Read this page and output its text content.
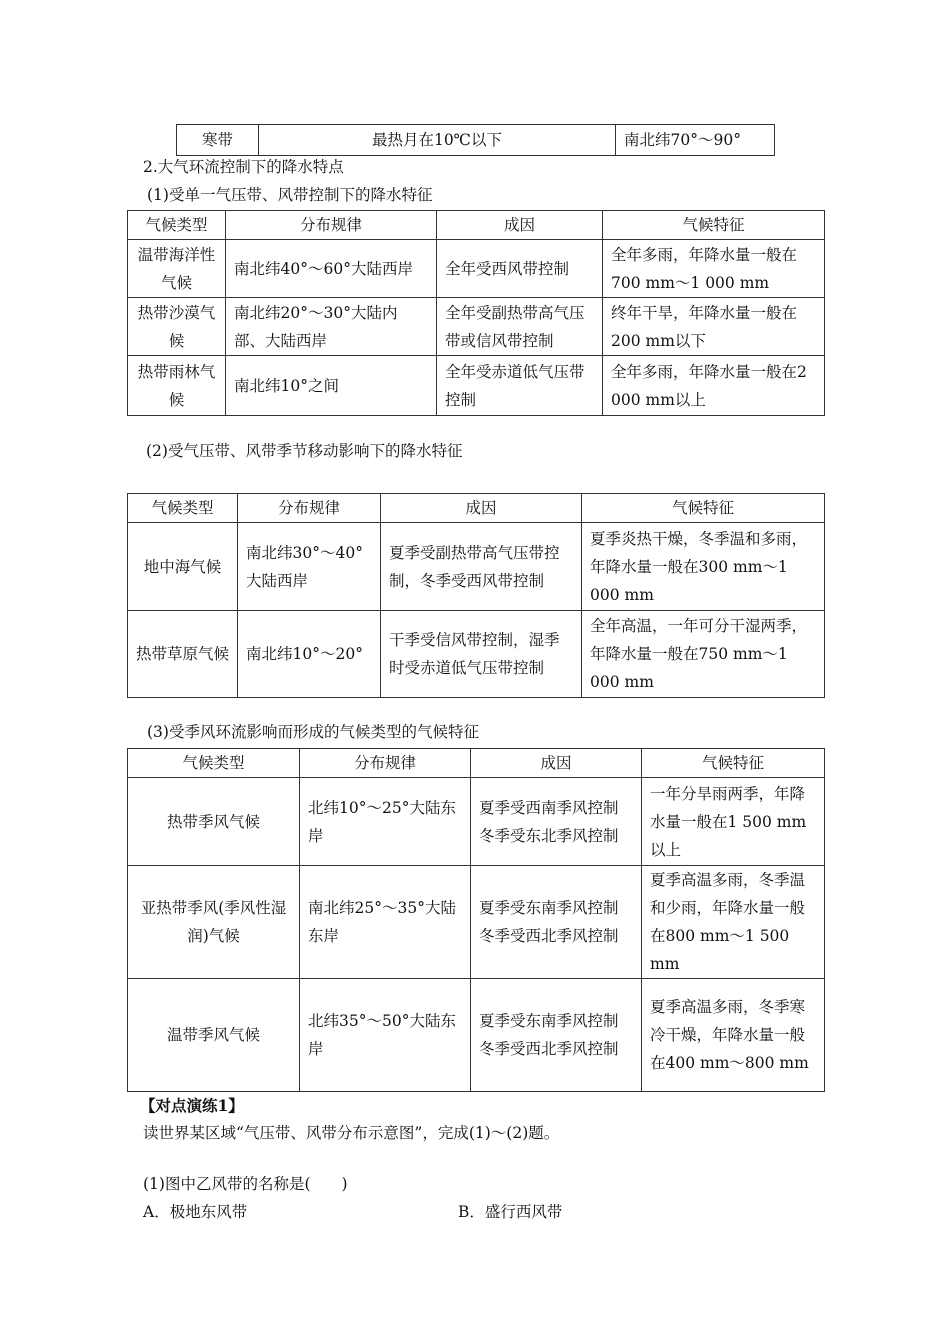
寒带	最热月在10℃以下	南北纬70°～90°
2.大气环流控制下的降水特点
(1)受单一气压带、风带控制下的降水特征
气候类型	分布规律	成因	气候特征
温带海洋性气候	南北纬40°～60°大陆西岸	全年受西风带控制	全年多雨，年降水量一般在700 mm～1 000 mm
热带沙漠气候	南北纬20°～30°大陆内部、大陆西岸	全年受副热带高气压带或信风带控制	终年干旱，年降水量一般在200 mm以下
热带雨林气候	南北纬10°之间	全年受赤道低气压带控制	全年多雨，年降水量一般在2 000 mm以上
(2)受气压带、风带季节移动影响下的降水特征
气候类型	分布规律	成因	气候特征
地中海气候	南北纬30°～40°大陆西岸	夏季受副热带高气压带控制，冬季受西风带控制	夏季炎热干燥，冬季温和多雨，年降水量一般在300 mm～1 000 mm
热带草原气候	南北纬10°～20°	干季受信风带控制，湿季时受赤道低气压带控制	全年高温，一年可分干湿两季，年降水量一般在750 mm～1 000 mm
(3)受季风环流影响而形成的气候类型的气候特征
气候类型	分布规律	成因	气候特征
热带季风气候	北纬10°～25°大陆东岸	夏季受西南季风控制冬季受东北季风控制	一年分旱雨两季，年降水量一般在1 500 mm以上
亚热带季风(季风性湿润)气候	南北纬25°～35°大陆东岸	夏季受东南季风控制冬季受西北季风控制	夏季高温多雨，冬季温和少雨，年降水量一般在800 mm～1 500 mm
温带季风气候	北纬35°～50°大陆东岸	夏季受东南季风控制冬季受西北季风控制	夏季高温多雨，冬季寒冷干燥，年降水量一般在400 mm～800 mm
【对点演练1】
读世界某区域“气压带、风带分布示意图”，完成(1)～(2)题。
(1)图中乙风带的名称是(　　)
A．极地东风带	B．盛行西风带
